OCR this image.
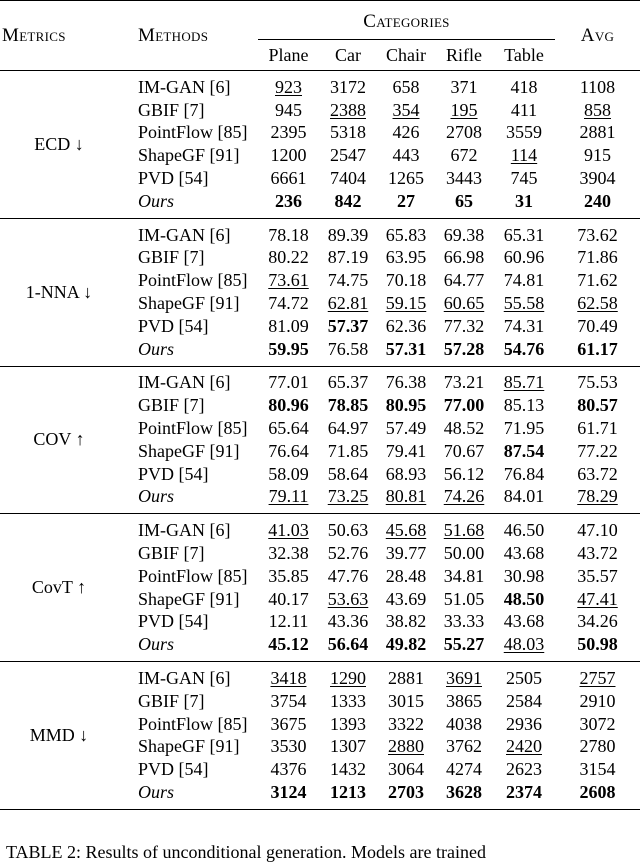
Metrics	Methods	Categories					Avg
		Plane	Car	Chair	Rifle	Table	
ECD ↓	IM-GAN [6]	923	3172	658	371	418	1108
	GBIF [7]	945	2388	354	195	411	858
	PointFlow [85]	2395	5318	426	2708	3559	2881
	ShapeGF [91]	1200	2547	443	672	114	915
	PVD [54]	6661	7404	1265	3443	745	3904
	Ours	236	842	27	65	31	240
1-NNA ↓	IM-GAN [6]	78.18	89.39	65.83	69.38	65.31	73.62
	GBIF [7]	80.22	87.19	63.95	66.98	60.96	71.86
	PointFlow [85]	73.61	74.75	70.18	64.77	74.81	71.62
	ShapeGF [91]	74.72	62.81	59.15	60.65	55.58	62.58
	PVD [54]	81.09	57.37	62.36	77.32	74.31	70.49
	Ours	59.95	76.58	57.31	57.28	54.76	61.17
COV ↑	IM-GAN [6]	77.01	65.37	76.38	73.21	85.71	75.53
	GBIF [7]	80.96	78.85	80.95	77.00	85.13	80.57
	PointFlow [85]	65.64	64.97	57.49	48.52	71.95	61.71
	ShapeGF [91]	76.64	71.85	79.41	70.67	87.54	77.22
	PVD [54]	58.09	58.64	68.93	56.12	76.84	63.72
	Ours	79.11	73.25	80.81	74.26	84.01	78.29
CovT ↑	IM-GAN [6]	41.03	50.63	45.68	51.68	46.50	47.10
	GBIF [7]	32.38	52.76	39.77	50.00	43.68	43.72
	PointFlow [85]	35.85	47.76	28.48	34.81	30.98	35.57
	ShapeGF [91]	40.17	53.63	43.69	51.05	48.50	47.41
	PVD [54]	12.11	43.36	38.82	33.33	43.68	34.26
	Ours	45.12	56.64	49.82	55.27	48.03	50.98
MMD ↓	IM-GAN [6]	3418	1290	2881	3691	2505	2757
	GBIF [7]	3754	1333	3015	3865	2584	2910
	PointFlow [85]	3675	1393	3322	4038	2936	3072
	ShapeGF [91]	3530	1307	2880	3762	2420	2780
	PVD [54]	4376	1432	3064	4274	2623	3154
	Ours	3124	1213	2703	3628	2374	2608
TABLE 2: Results of unconditional generation. Models are trained
